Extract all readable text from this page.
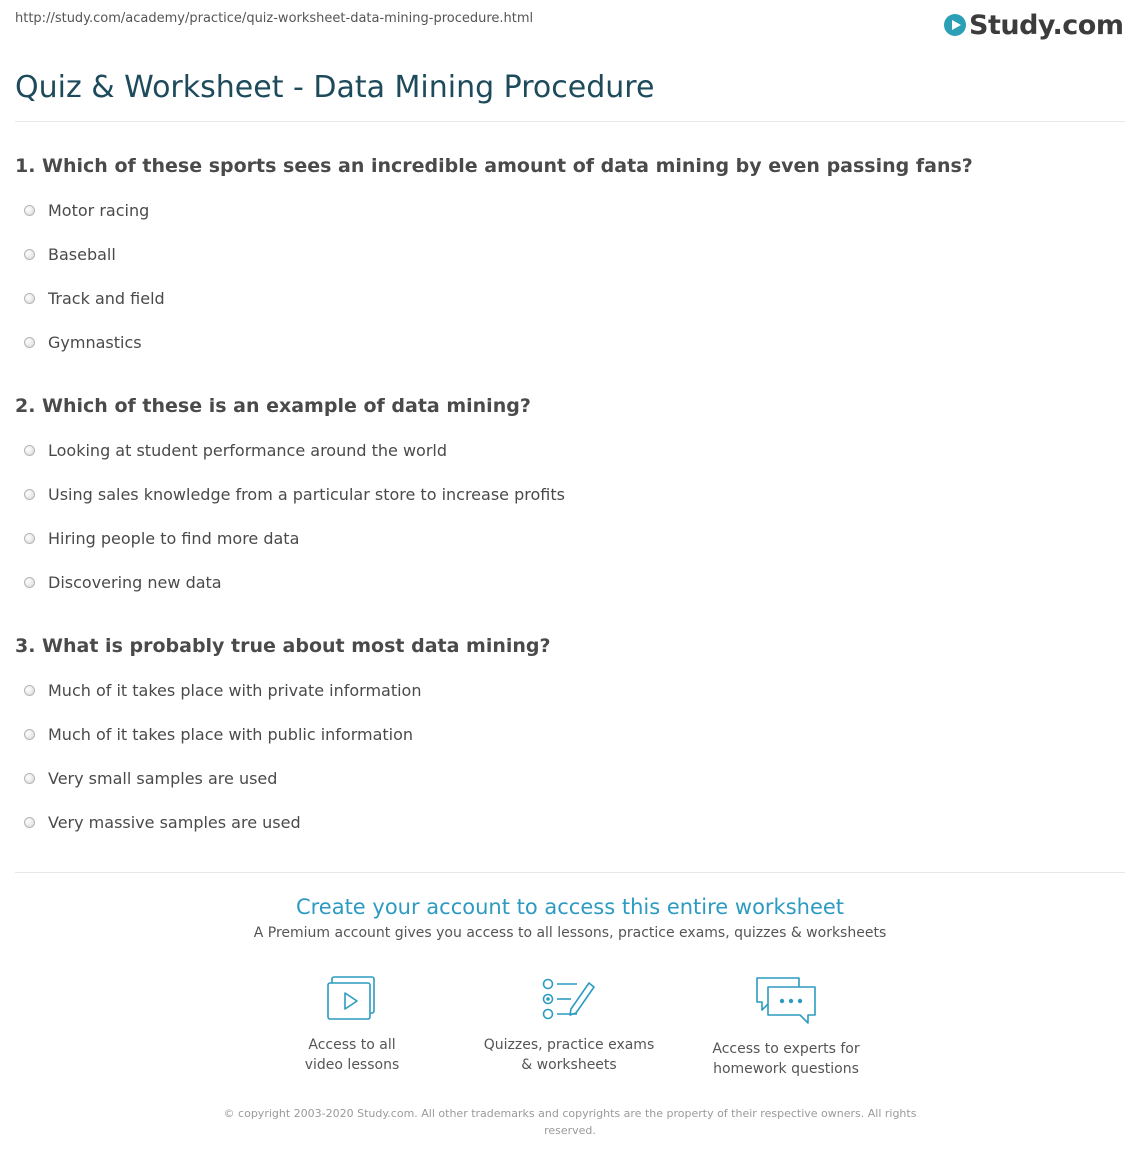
http://study.com/academy/practice/quiz-worksheet-data-mining-procedure.html	Study.com
Quiz & Worksheet - Data Mining Procedure
1. Which of these sports sees an incredible amount of data mining by even passing fans?
Motor racing
Baseball
Track and field
Gymnastics
2. Which of these is an example of data mining?
Looking at student performance around the world
Using sales knowledge from a particular store to increase profits
Hiring people to find more data
Discovering new data
3. What is probably true about most data mining?
Much of it takes place with private information
Much of it takes place with public information
Very small samples are used
Very massive samples are used
Create your account to access this entire worksheet
A Premium account gives you access to all lessons, practice exams, quizzes & worksheets
Access to all
video lessons
Quizzes, practice exams
& worksheets
Access to experts for
homework questions
© copyright 2003-2020 Study.com. All other trademarks and copyrights are the property of their respective owners. All rights reserved.
